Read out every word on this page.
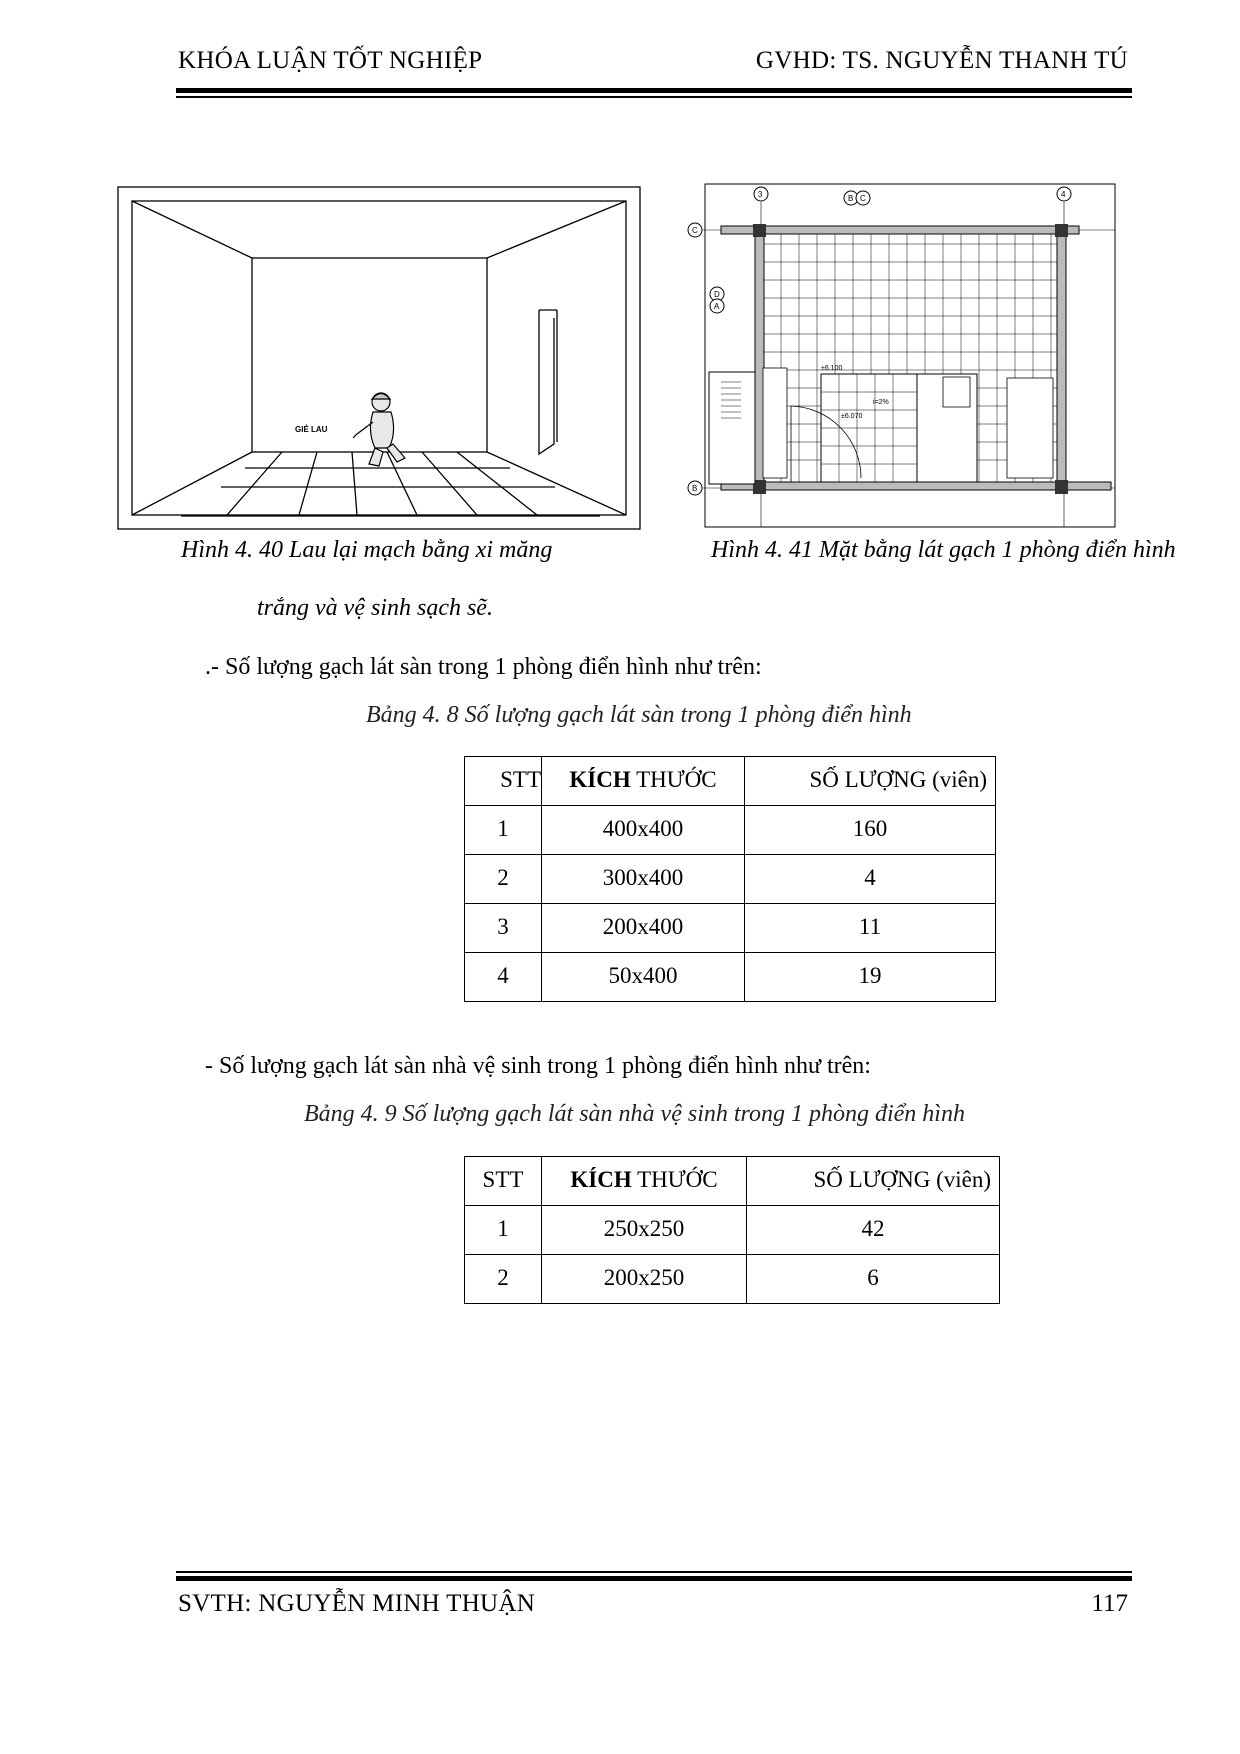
KHÓA LUẬN TỐT NGHIỆP	GVHD: TS. NGUYỄN THANH TÚ
GIẺ LAU
Hình 4. 40 Lau lại mạch bằng xi măng
trắng và vệ sinh sạch sẽ.
3	4
C
B
D
A
B C
±6.100
±6.070
i=2%
Hình 4. 41 Mặt bằng lát gạch 1 phòng điển hình
.- Số lượng gạch lát sàn trong 1 phòng điển hình như trên:
Bảng 4. 8 Số lượng gạch lát sàn trong 1 phòng điển hình
STT	KÍCH THƯỚC	SỐ LƯỢNG (viên)
1	400x400	160
2	300x400	4
3	200x400	11
4	50x400	19
- Số lượng gạch lát sàn nhà vệ sinh trong 1 phòng điển hình như trên:
Bảng 4. 9 Số lượng gạch lát sàn nhà vệ sinh trong 1 phòng điển hình
STT	KÍCH THƯỚC	SỐ LƯỢNG (viên)
1	250x250	42
2	200x250	6
SVTH: NGUYỄN MINH THUẬN	117
